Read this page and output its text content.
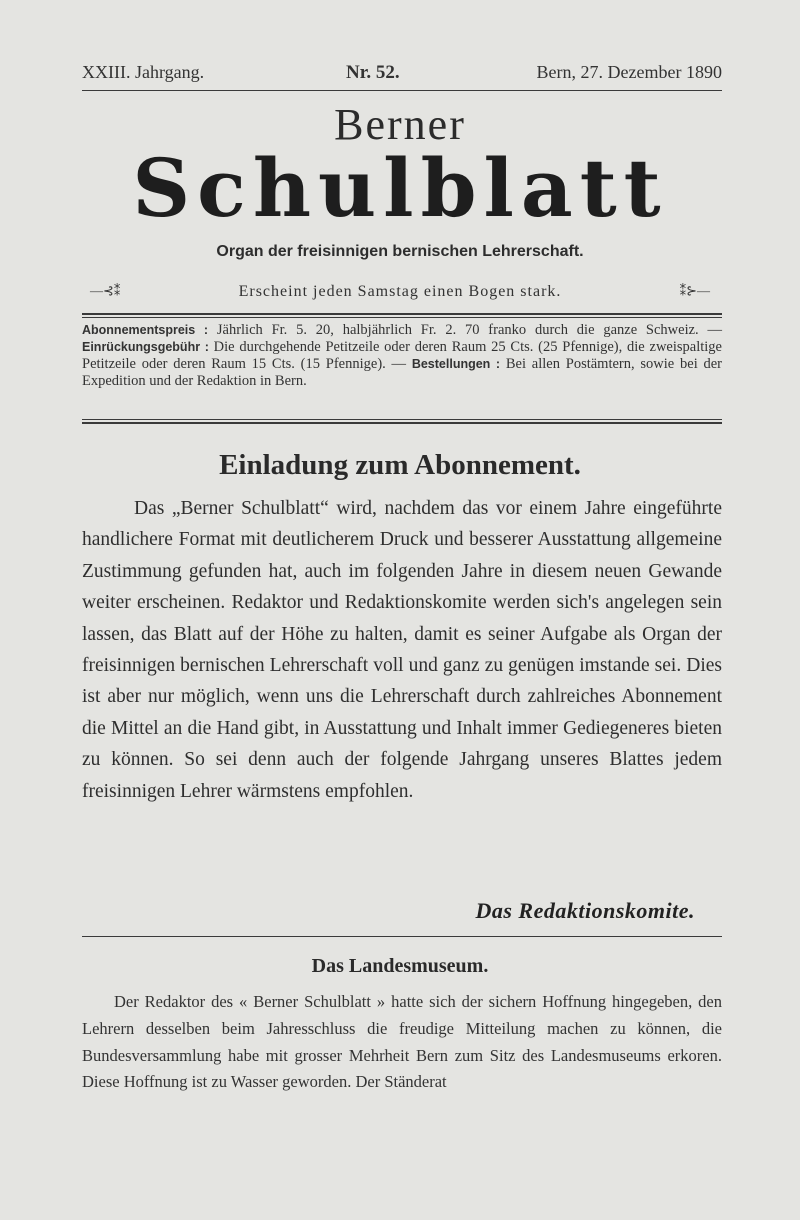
XXIII. Jahrgang.	Nr. 52.	Bern, 27. Dezember 1890
Berner
Schulblatt
Organ der freisinnigen bernischen Lehrerschaft.
—⊰⁑	Erscheint jeden Samstag einen Bogen stark.	⁑⊱—
Abonnementspreis : Jährlich Fr. 5. 20, halbjährlich Fr. 2. 70 franko durch die ganze Schweiz. — Einrückungsgebühr : Die durchgehende Petitzeile oder deren Raum 25 Cts. (25 Pfennige), die zweispaltige Petitzeile oder deren Raum 15 Cts. (15 Pfennige). — Bestellungen : Bei allen Postämtern, sowie bei der Expedition und der Redaktion in Bern.
Einladung zum Abonnement.

Das „Berner Schulblatt“ wird, nachdem das vor einem Jahre eingeführte handlichere Format mit deutlicherem Druck und besserer Ausstattung allgemeine Zustimmung gefunden hat, auch im folgenden Jahre in diesem neuen Gewande weiter erscheinen. Redaktor und Redaktionskomite werden sich's angelegen sein lassen, das Blatt auf der Höhe zu halten, damit es seiner Aufgabe als Organ der freisinnigen bernischen Lehrerschaft voll und ganz zu genügen imstande sei. Dies ist aber nur möglich, wenn uns die Lehrerschaft durch zahlreiches Abonnement die Mittel an die Hand gibt, in Ausstattung und Inhalt immer Gediegeneres bieten zu können. So sei denn auch der folgende Jahrgang unseres Blattes jedem freisinnigen Lehrer wärmstens empfohlen.

Das Redaktionskomite.
Das Landesmuseum.

Der Redaktor des « Berner Schulblatt » hatte sich der sichern Hoffnung hingegeben, den Lehrern desselben beim Jahresschluss die freudige Mitteilung machen zu können, die Bundesversammlung habe mit grosser Mehrheit Bern zum Sitz des Landesmuseums erkoren. Diese Hoffnung ist zu Wasser geworden. Der Ständerat
